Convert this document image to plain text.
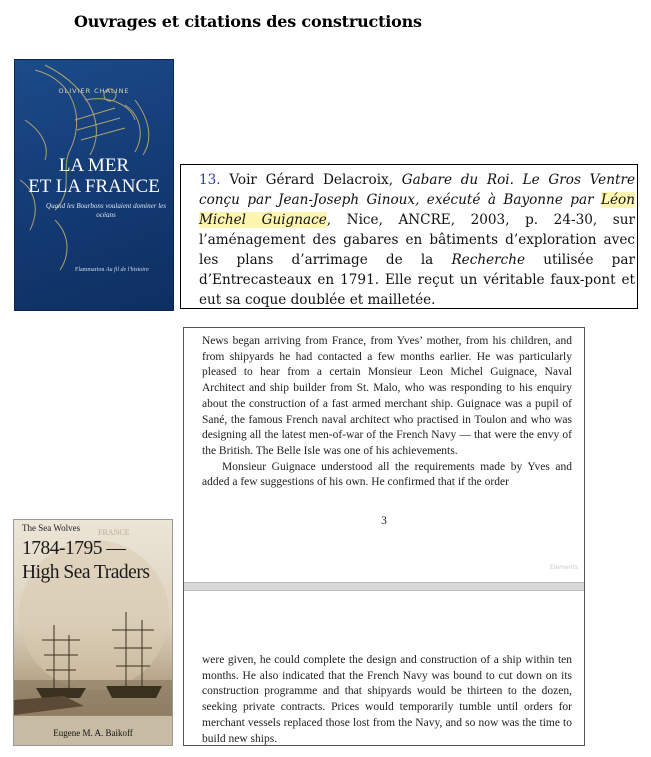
Ouvrages et citations des constructions
OLIVIER CHALINE
LA MER
ET LA FRANCE
Quand les Bourbons voulaient dominer les océans
Flammarion Au fil de l'histoire
13. Voir Gérard Delacroix, Gabare du Roi. Le Gros Ventre conçu par Jean-Joseph Ginoux, exécuté à Bayonne par Léon Michel Guignace, Nice, ANCRE, 2003, p. 24-30, sur l’aménagement des gabares en bâtiments d’exploration avec les plans d’arrimage de la Recherche utilisée par d’Entrecasteaux en 1791. Elle reçut un véritable faux-pont et eut sa coque doublée et mailletée.

News began arriving from France, from Yves’ mother, from his children, and from shipyards he had contacted a few months earlier. He was particularly pleased to hear from a certain Monsieur Leon Michel Guignace, Naval Architect and ship builder from St. Malo, who was responding to his enquiry about the construction of a fast armed merchant ship. Guignace was a pupil of Sané, the famous French naval architect who practised in Toulon and who was designing all the latest men-of-war of the French Navy — that were the envy of the British. The Belle Isle was one of his achievements.

Monsieur Guignace understood all the requirements made by Yves and added a few suggestions of his own. He confirmed that if the order

3
Elements

were given, he could complete the design and construction of a ship within ten months. He also indicated that the French Navy was bound to cut down on its construction programme and that shipyards would be thirteen to the dozen, seeking private contracts. Prices would temporarily tumble until orders for merchant vessels replaced those lost from the Navy, and so now was the time to build new ships.

FRANCE
The Sea Wolves
1784-1795 —
High Sea Traders
Eugene M. A. Baikoff
